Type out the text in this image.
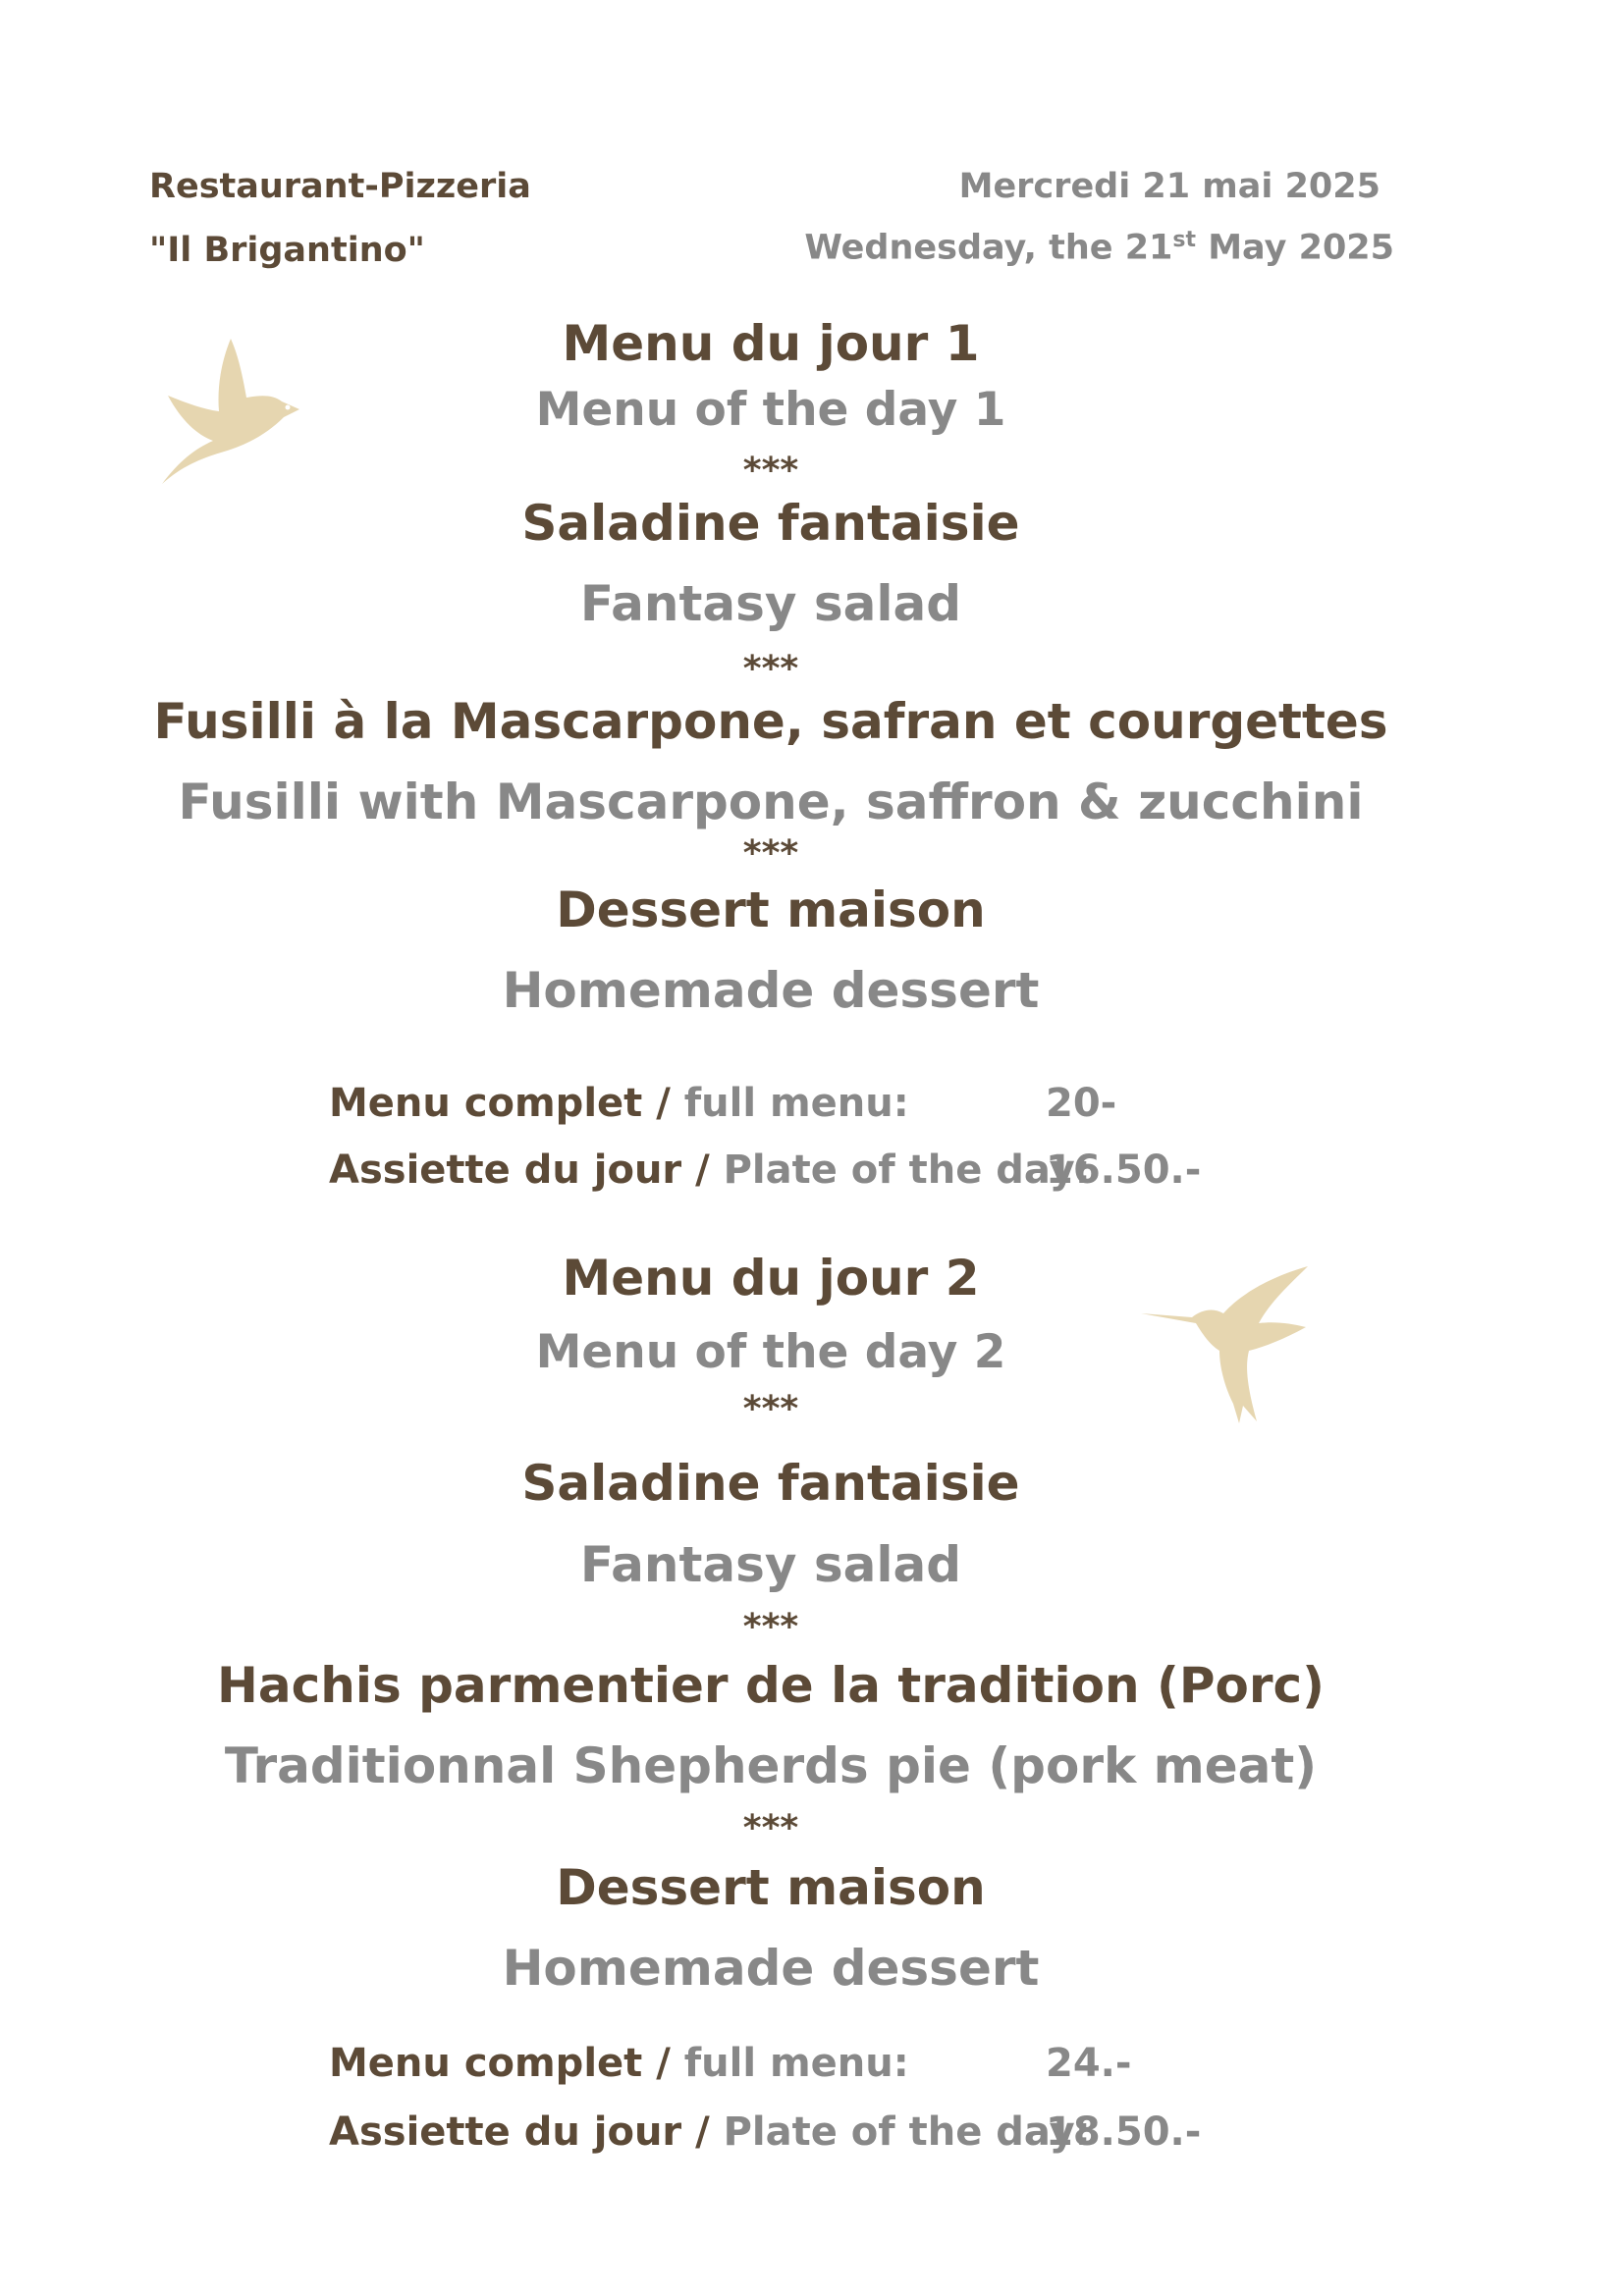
Restaurant-Pizzeria
"Il Brigantino"
Mercredi 21 mai 2025
Wednesday, the 21st May 2025
Menu du jour 1
Menu of the day 1
***
Saladine fantaisie
Fantasy salad
***
Fusilli à la Mascarpone, safran et courgettes
***
Fusilli with Mascarpone, saffron & zucchini
Dessert maison
Homemade dessert
Menu complet / full menu:	20-
Assiette du jour / Plate of the day:
16.50.-
Menu du jour 2
Menu of the day 2
***
Saladine fantaisie
Fantasy salad
***
Hachis parmentier de la tradition (Porc)
Traditionnal Shepherds pie (pork meat)
***
Dessert maison
Homemade dessert
Menu complet / full menu:	24.-
Assiette du jour / Plate of the day:
18.50.-
